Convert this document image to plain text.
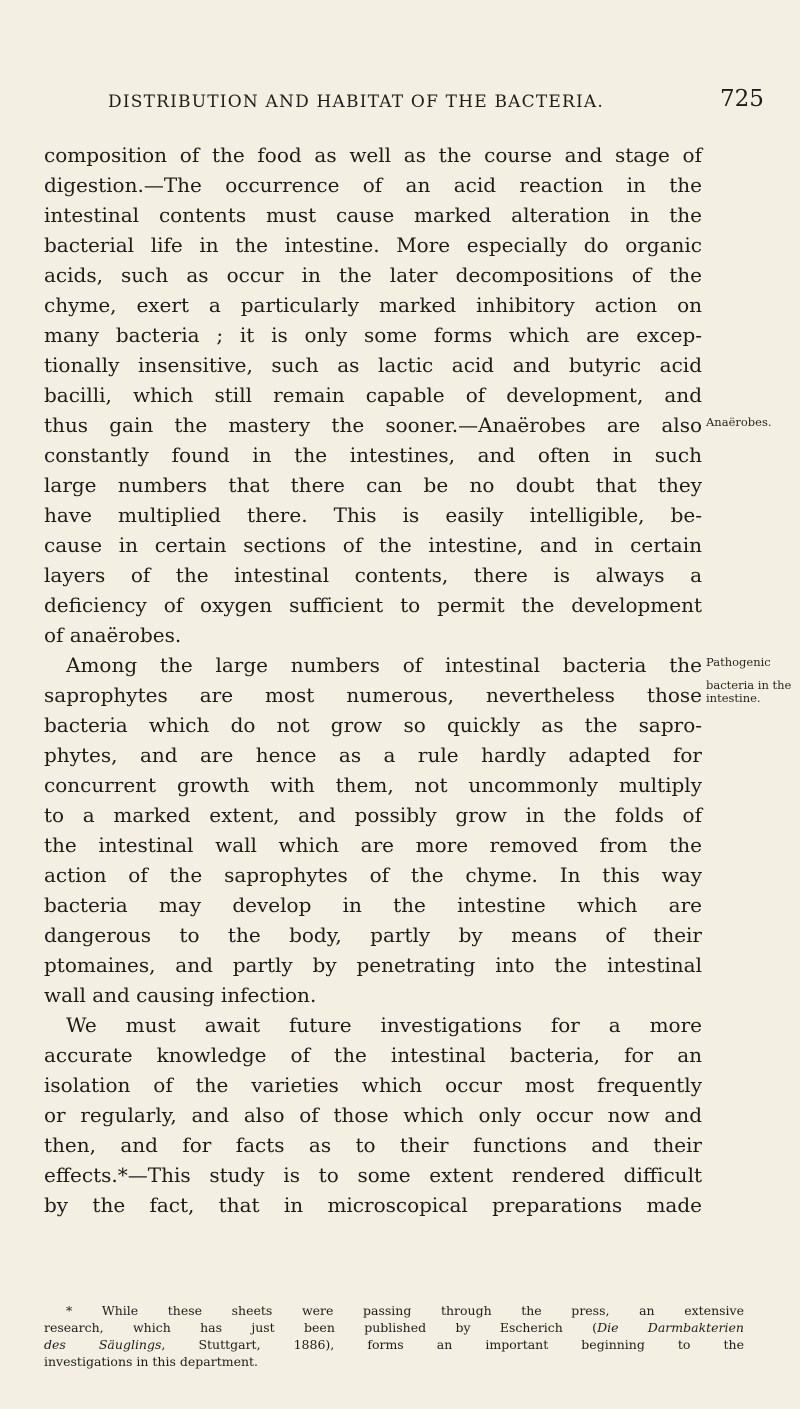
DISTRIBUTION AND HABITAT OF THE BACTERIA.	725
composition of the food as well as the course and stage of
digestion.—The occurrence of an acid reaction in the
intestinal contents must cause marked alteration in the
bacterial life in the intestine. More especially do organic
acids, such as occur in the later decompositions of the
chyme, exert a particularly marked inhibitory action on
many bacteria ; it is only some forms which are excep-
tionally insensitive, such as lactic acid and butyric acid
bacilli, which still remain capable of development, and
thus gain the mastery the sooner.—Anaërobes are also
constantly found in the intestines, and often in such
large numbers that there can be no doubt that they
have multiplied there. This is easily intelligible, be-
cause in certain sections of the intestine, and in certain
layers of the intestinal contents, there is always a
deficiency of oxygen sufficient to permit the development
of anaërobes.
Among the large numbers of intestinal bacteria the
saprophytes are most numerous, nevertheless those
bacteria which do not grow so quickly as the sapro-
phytes, and are hence as a rule hardly adapted for
concurrent growth with them, not uncommonly multiply
to a marked extent, and possibly grow in the folds of
the intestinal wall which are more removed from the
action of the saprophytes of the chyme. In this way
bacteria may develop in the intestine which are
dangerous to the body, partly by means of their
ptomaines, and partly by penetrating into the intestinal
wall and causing infection.
We must await future investigations for a more
accurate knowledge of the intestinal bacteria, for an
isolation of the varieties which occur most frequently
or regularly, and also of those which only occur now and
then, and for facts as to their functions and their
effects.*—This study is to some extent rendered difficult
by the fact, that in microscopical preparations made
Anaërobes.
Pathogenic
bacteria in the
intestine.
* While these sheets were passing through the press, an extensive
research, which has just been published by Escherich (Die Darmbakterien
des Säuglings, Stuttgart, 1886), forms an important beginning to the
investigations in this department.
